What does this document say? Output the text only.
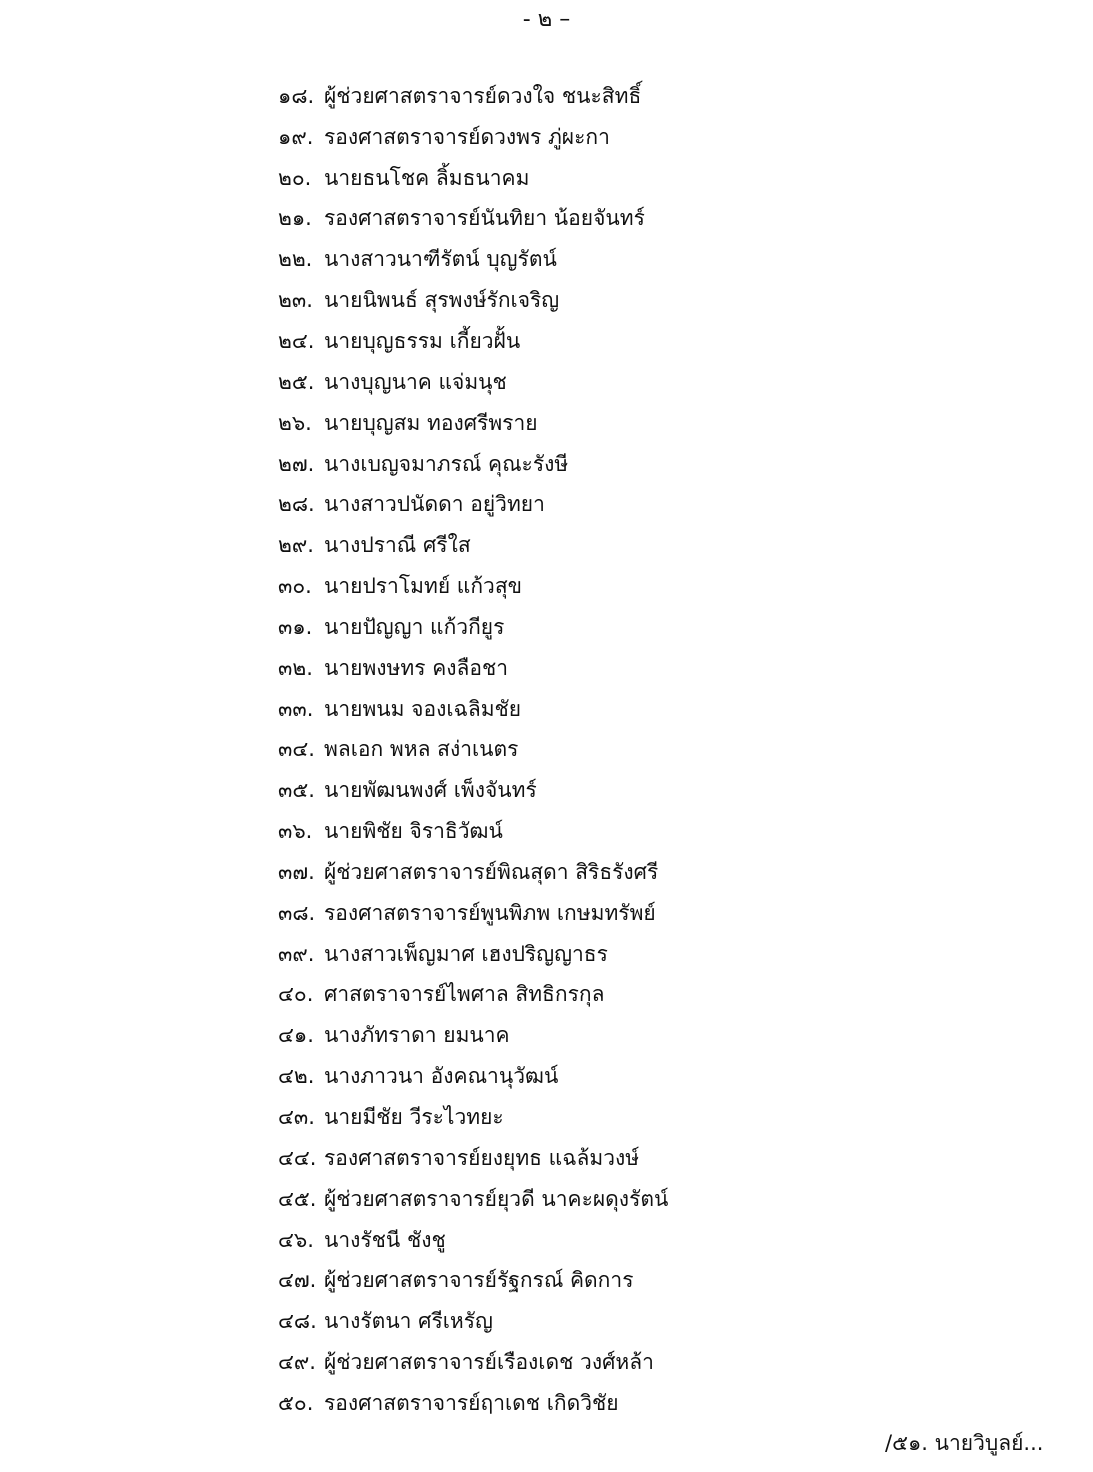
- ๒ –
๑๘. ผู้ช่วยศาสตราจารย์ดวงใจ ชนะสิทธิ์
๑๙. รองศาสตราจารย์ดวงพร ภู่ผะกา
๒๐. นายธนโชค ลิ้มธนาคม
๒๑. รองศาสตราจารย์นันทิยา น้อยจันทร์
๒๒. นางสาวนาฑีรัตน์ บุญรัตน์
๒๓. นายนิพนธ์ สุรพงษ์รักเจริญ
๒๔. นายบุญธรรม เกี้ยวฝั้น
๒๕. นางบุญนาค แจ่มนุช
๒๖. นายบุญสม ทองศรีพราย
๒๗. นางเบญจมาภรณ์ คุณะรังษี
๒๘. นางสาวปนัดดา อยู่วิทยา
๒๙. นางปราณี ศรีใส
๓๐. นายปราโมทย์ แก้วสุข
๓๑. นายปัญญา แก้วกียูร
๓๒. นายพงษทร คงลือชา
๓๓. นายพนม จองเฉลิมชัย
๓๔. พลเอก พหล สง่าเนตร
๓๕. นายพัฒนพงศ์ เพ็งจันทร์
๓๖. นายพิชัย จิราธิวัฒน์
๓๗. ผู้ช่วยศาสตราจารย์พิณสุดา สิริธรังศรี
๓๘. รองศาสตราจารย์พูนพิภพ เกษมทรัพย์
๓๙. นางสาวเพ็ญมาศ เฮงปริญญาธร
๔๐. ศาสตราจารย์ไพศาล สิทธิกรกุล
๔๑. นางภัทราดา ยมนาค
๔๒. นางภาวนา อังคณานุวัฒน์
๔๓. นายมีชัย วีระไวทยะ
๔๔. รองศาสตราจารย์ยงยุทธ แฉล้มวงษ์
๔๕. ผู้ช่วยศาสตราจารย์ยุวดี นาคะผดุงรัตน์
๔๖. นางรัชนี ชังชู
๔๗. ผู้ช่วยศาสตราจารย์รัฐกรณ์ คิดการ
๔๘. นางรัตนา ศรีเหรัญ
๔๙. ผู้ช่วยศาสตราจารย์เรืองเดช วงศ์หล้า
๕๐. รองศาสตราจารย์ฤาเดช เกิดวิชัย
/๕๑. นายวิบูลย์...
